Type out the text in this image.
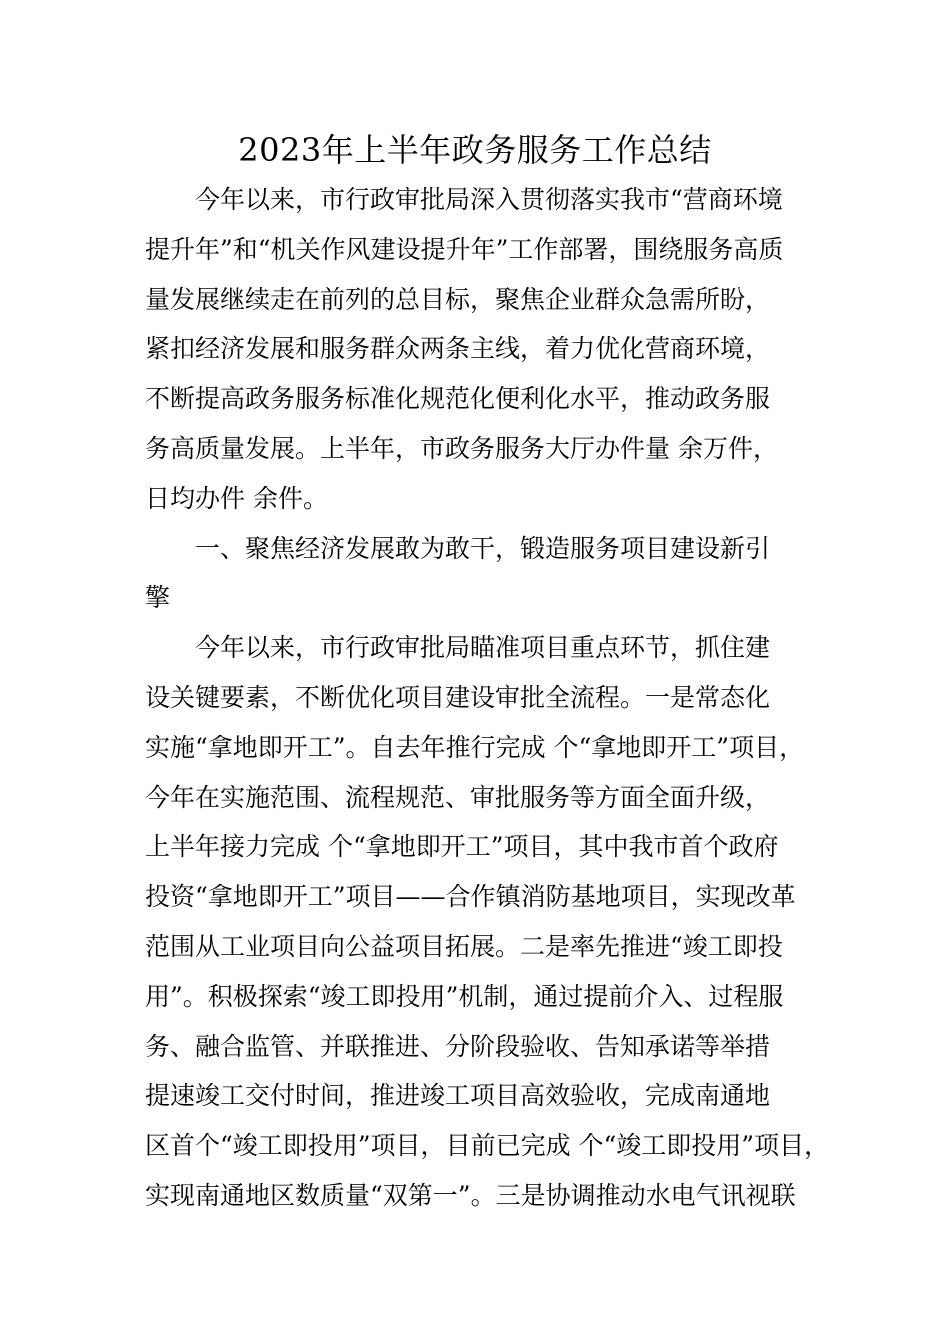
2023年上半年政务服务工作总结
今年以来，市行政审批局深入贯彻落实我市“营商环境
提升年”和“机关作风建设提升年”工作部署，围绕服务高质
量发展继续走在前列的总目标，聚焦企业群众急需所盼，
紧扣经济发展和服务群众两条主线，着力优化营商环境，
不断提高政务服务标准化规范化便利化水平，推动政务服
务高质量发展。上半年，市政务服务大厅办件量 余万件，
日均办件 余件。
一、聚焦经济发展敢为敢干，锻造服务项目建设新引
擎
今年以来，市行政审批局瞄准项目重点环节，抓住建
设关键要素，不断优化项目建设审批全流程。一是常态化
实施“拿地即开工”。自去年推行完成 个“拿地即开工”项目，
今年在实施范围、流程规范、审批服务等方面全面升级，
上半年接力完成 个“拿地即开工”项目，其中我市首个政府
投资“拿地即开工”项目——合作镇消防基地项目，实现改革
范围从工业项目向公益项目拓展。二是率先推进“竣工即投
用”。积极探索“竣工即投用”机制，通过提前介入、过程服
务、融合监管、并联推进、分阶段验收、告知承诺等举措
提速竣工交付时间，推进竣工项目高效验收，完成南通地
区首个“竣工即投用”项目，目前已完成 个“竣工即投用”项目，
实现南通地区数质量“双第一”。三是协调推动水电气讯视联
